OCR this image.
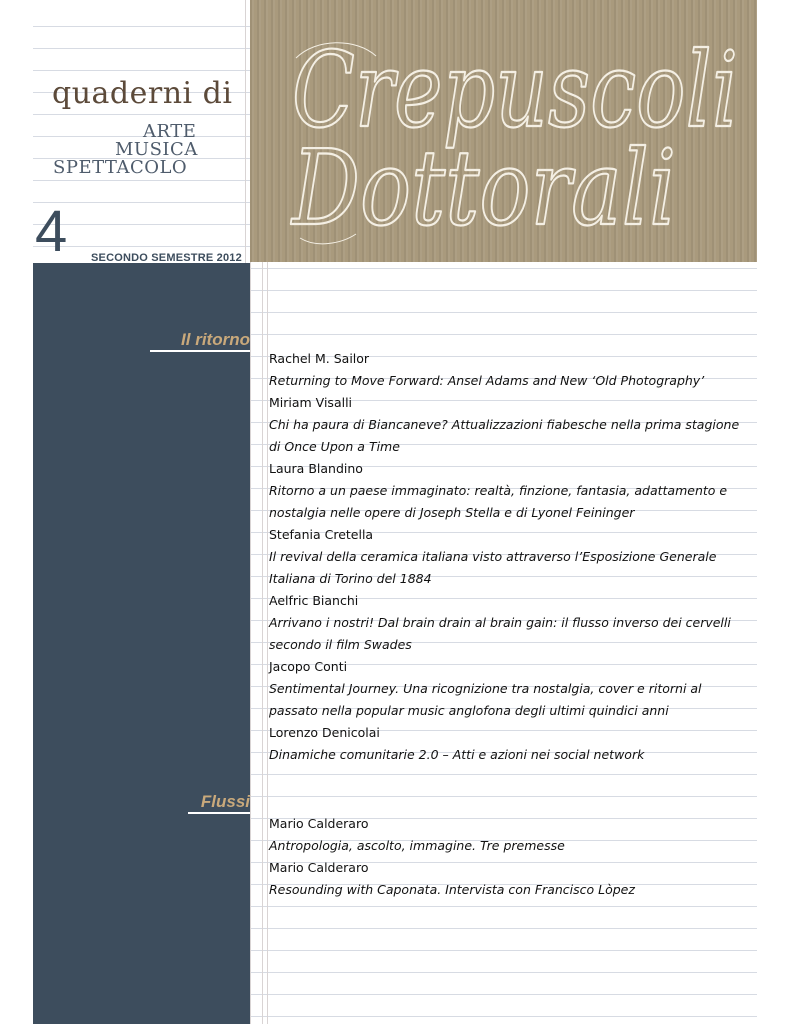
Crepuscoli
Dottorali
quaderni di
ARTE
MUSICA
SPETTACOLO
4 SECONDO SEMESTRE 2012
Il ritorno
Rachel M. Sailor
Returning to Move Forward: Ansel Adams and New ‘Old Photography’
Miriam Visalli
Chi ha paura di Biancaneve? Attualizzazioni fiabesche nella prima stagione
di Once Upon a Time
Laura Blandino
Ritorno a un paese immaginato: realtà, finzione, fantasia, adattamento e
nostalgia nelle opere di Joseph Stella e di Lyonel Feininger
Stefania Cretella
Il revival della ceramica italiana visto attraverso l’Esposizione Generale
Italiana di Torino del 1884
Aelfric Bianchi
Arrivano i nostri! Dal brain drain al brain gain: il flusso inverso dei cervelli
secondo il film Swades
Jacopo Conti
Sentimental Journey. Una ricognizione tra nostalgia, cover e ritorni al
passato nella popular music anglofona degli ultimi quindici anni
Lorenzo Denicolai
Dinamiche comunitarie 2.0 – Atti e azioni nei social network
Flussi
Mario Calderaro
Antropologia, ascolto, immagine. Tre premesse
Mario Calderaro
Resounding with Caponata. Intervista con Francisco Lòpez
